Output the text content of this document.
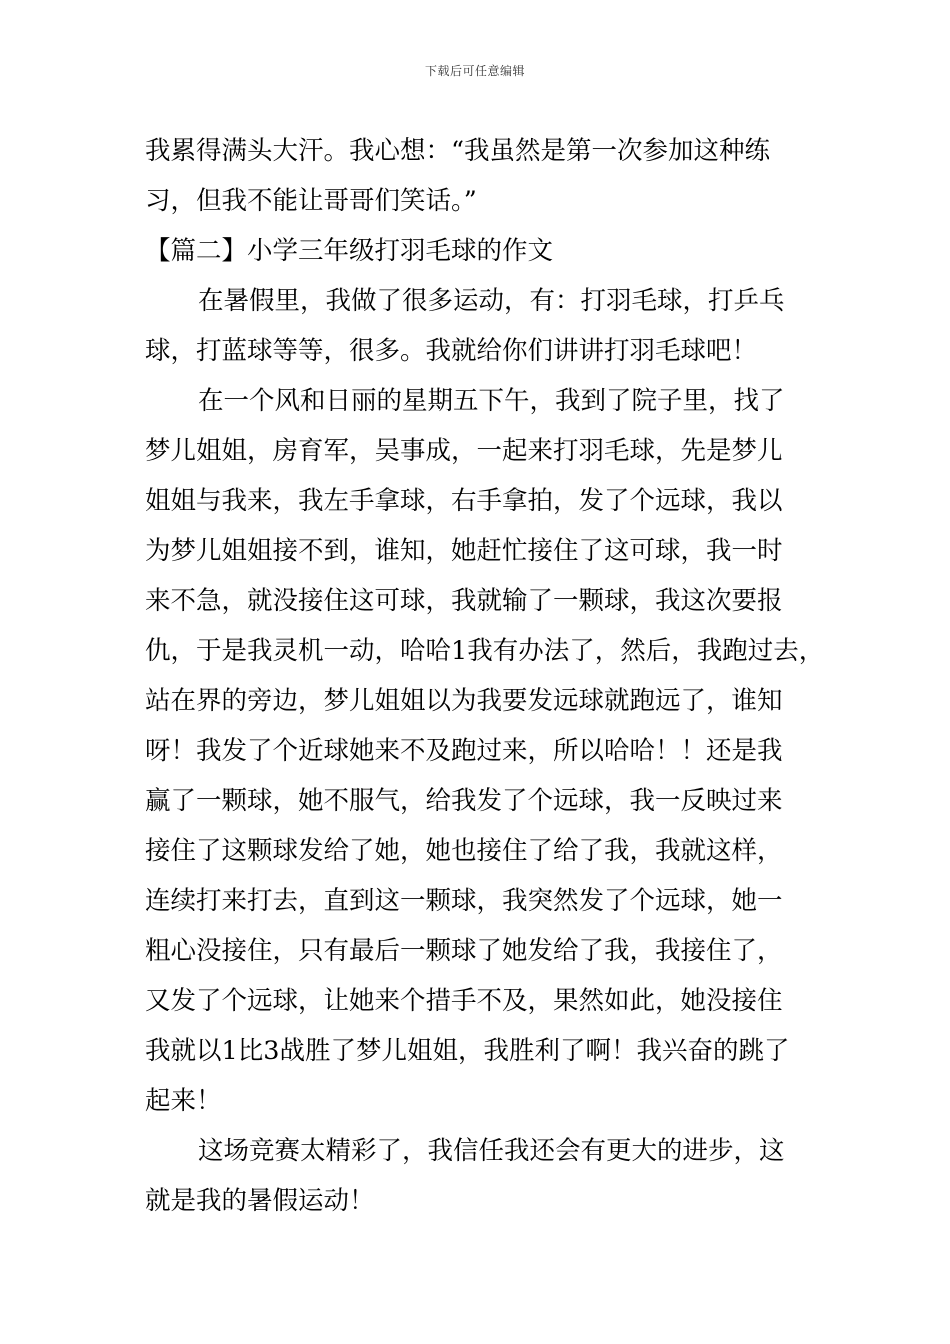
下载后可任意编辑
我累得满头大汗。我心想：“我虽然是第一次参加这种练
习，但我不能让哥哥们笑话。”
【篇二】小学三年级打羽毛球的作文
在暑假里，我做了很多运动，有：打羽毛球，打乒乓
球，打蓝球等等，很多。我就给你们讲讲打羽毛球吧！
在一个风和日丽的星期五下午，我到了院子里，找了
梦儿姐姐，房育军，吴事成，一起来打羽毛球，先是梦儿
姐姐与我来，我左手拿球，右手拿拍，发了个远球，我以
为梦儿姐姐接不到，谁知，她赶忙接住了这可球，我一时
来不急，就没接住这可球，我就输了一颗球，我这次要报
仇，于是我灵机一动，哈哈1我有办法了，然后，我跑过去，
站在界的旁边，梦儿姐姐以为我要发远球就跑远了，谁知
呀！我发了个近球她来不及跑过来，所以哈哈！！还是我
赢了一颗球，她不服气，给我发了个远球，我一反映过来
接住了这颗球发给了她，她也接住了给了我，我就这样，
连续打来打去，直到这一颗球，我突然发了个远球，她一
粗心没接住，只有最后一颗球了她发给了我，我接住了，
又发了个远球，让她来个措手不及，果然如此，她没接住
我就以1比3战胜了梦儿姐姐，我胜利了啊！我兴奋的跳了
起来！
这场竞赛太精彩了，我信任我还会有更大的进步，这
就是我的暑假运动！
